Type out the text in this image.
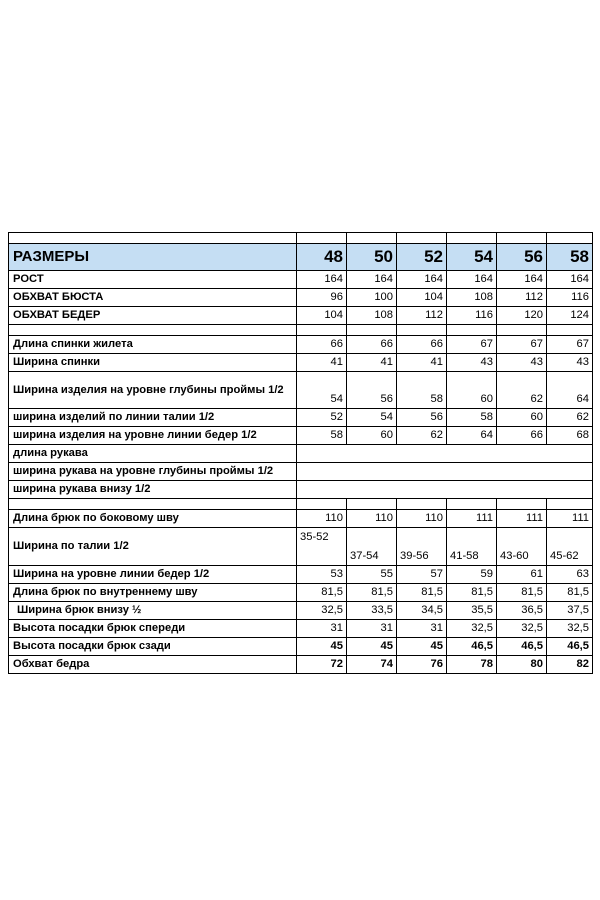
РАЗМЕРЫ	48	50	52	54	56	58
РОСТ	164	164	164	164	164	164
ОБХВАТ БЮСТА	96	100	104	108	112	116
ОБХВАТ БЕДЕР	104	108	112	116	120	124

Длина спинки жилета	66	66	66	67	67	67
Ширина спинки	41	41	41	43	43	43
Ширина изделия на уровне глубины проймы 1/2	54	56	58	60	62	64
ширина изделий по линии талии 1/2	52	54	56	58	60	62
ширина изделия на уровне линии бедер 1/2	58	60	62	64	66	68
длина рукава						
ширина рукава на уровне глубины проймы 1/2						
ширина рукава внизу 1/2						

Длина брюк по боковому шву	110	110	110	111	111	111
Ширина по талии 1/2	35-52	37-54	39-56	41-58	43-60	45-62
Ширина на уровне линии бедер 1/2	53	55	57	59	61	63
Длина брюк по внутреннему шву	81,5	81,5	81,5	81,5	81,5	81,5
Ширина брюк внизу ½	32,5	33,5	34,5	35,5	36,5	37,5
Высота посадки брюк спереди	31	31	31	32,5	32,5	32,5
Высота посадки брюк сзади	45	45	45	46,5	46,5	46,5
Обхват бедра	72	74	76	78	80	82
